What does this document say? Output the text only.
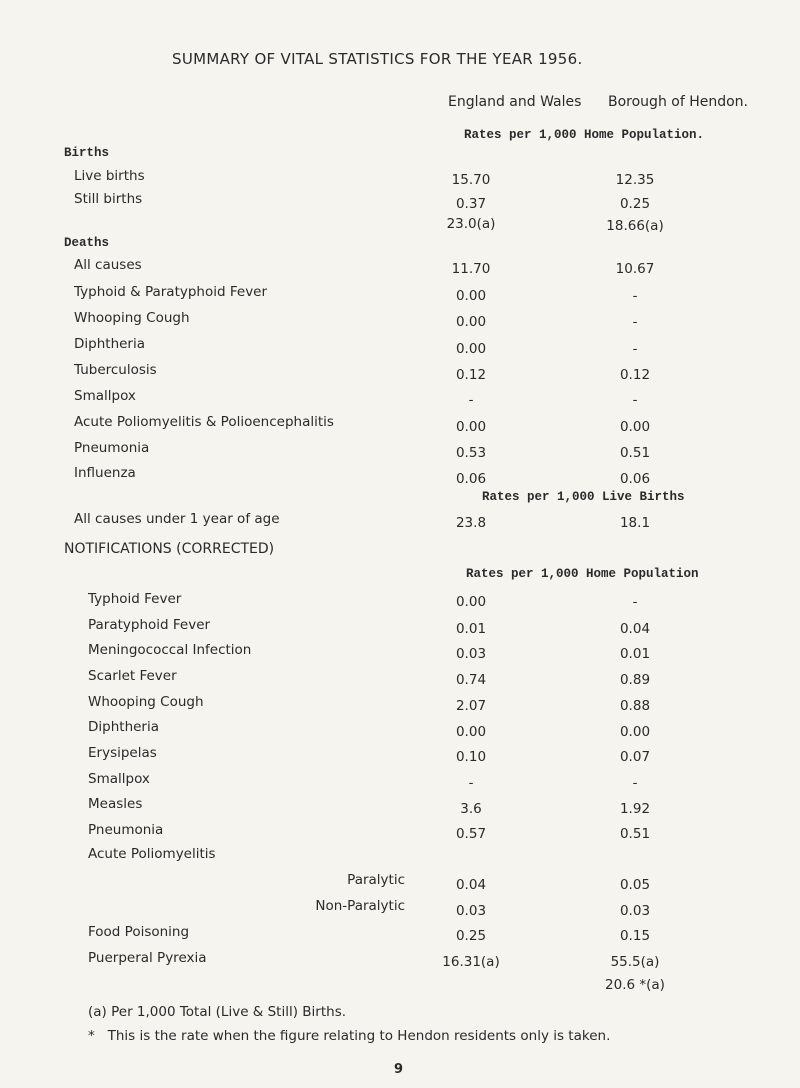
SUMMARY OF VITAL STATISTICS FOR THE YEAR 1956.
England and Wales Borough of Hendon.
Rates per 1,000 Home Population.
Births
Live births	15.70	12.35
Still births	0.37	0.25
23.0(a)	18.66(a)
Deaths
All causes	11.70	10.67
Typhoid & Paratyphoid Fever	0.00	-
Whooping Cough	0.00	-
Diphtheria	0.00	-
Tuberculosis	0.12	0.12
Smallpox	-	-
Acute Poliomyelitis & Polioencephalitis	0.00	0.00
Pneumonia	0.53	0.51
Influenza	0.06	0.06
Rates per 1,000 Live Births
All causes under 1 year of age	23.8	18.1
NOTIFICATIONS (CORRECTED)
Rates per 1,000 Home Population
Typhoid Fever	0.00	-
Paratyphoid Fever	0.01	0.04
Meningococcal Infection	0.03	0.01
Scarlet Fever	0.74	0.89
Whooping Cough	2.07	0.88
Diphtheria	0.00	0.00
Erysipelas	0.10	0.07
Smallpox	-	-
Measles	3.6	1.92
Pneumonia	0.57	0.51
Acute Poliomyelitis
Paralytic	0.04	0.05
Non-Paralytic	0.03	0.03
Food Poisoning	0.25	0.15
Puerperal Pyrexia	16.31(a)	55.5(a)
20.6 *(a)
(a) Per 1,000 Total (Live & Still) Births.
*   This is the rate when the figure relating to Hendon residents only is taken.
9
